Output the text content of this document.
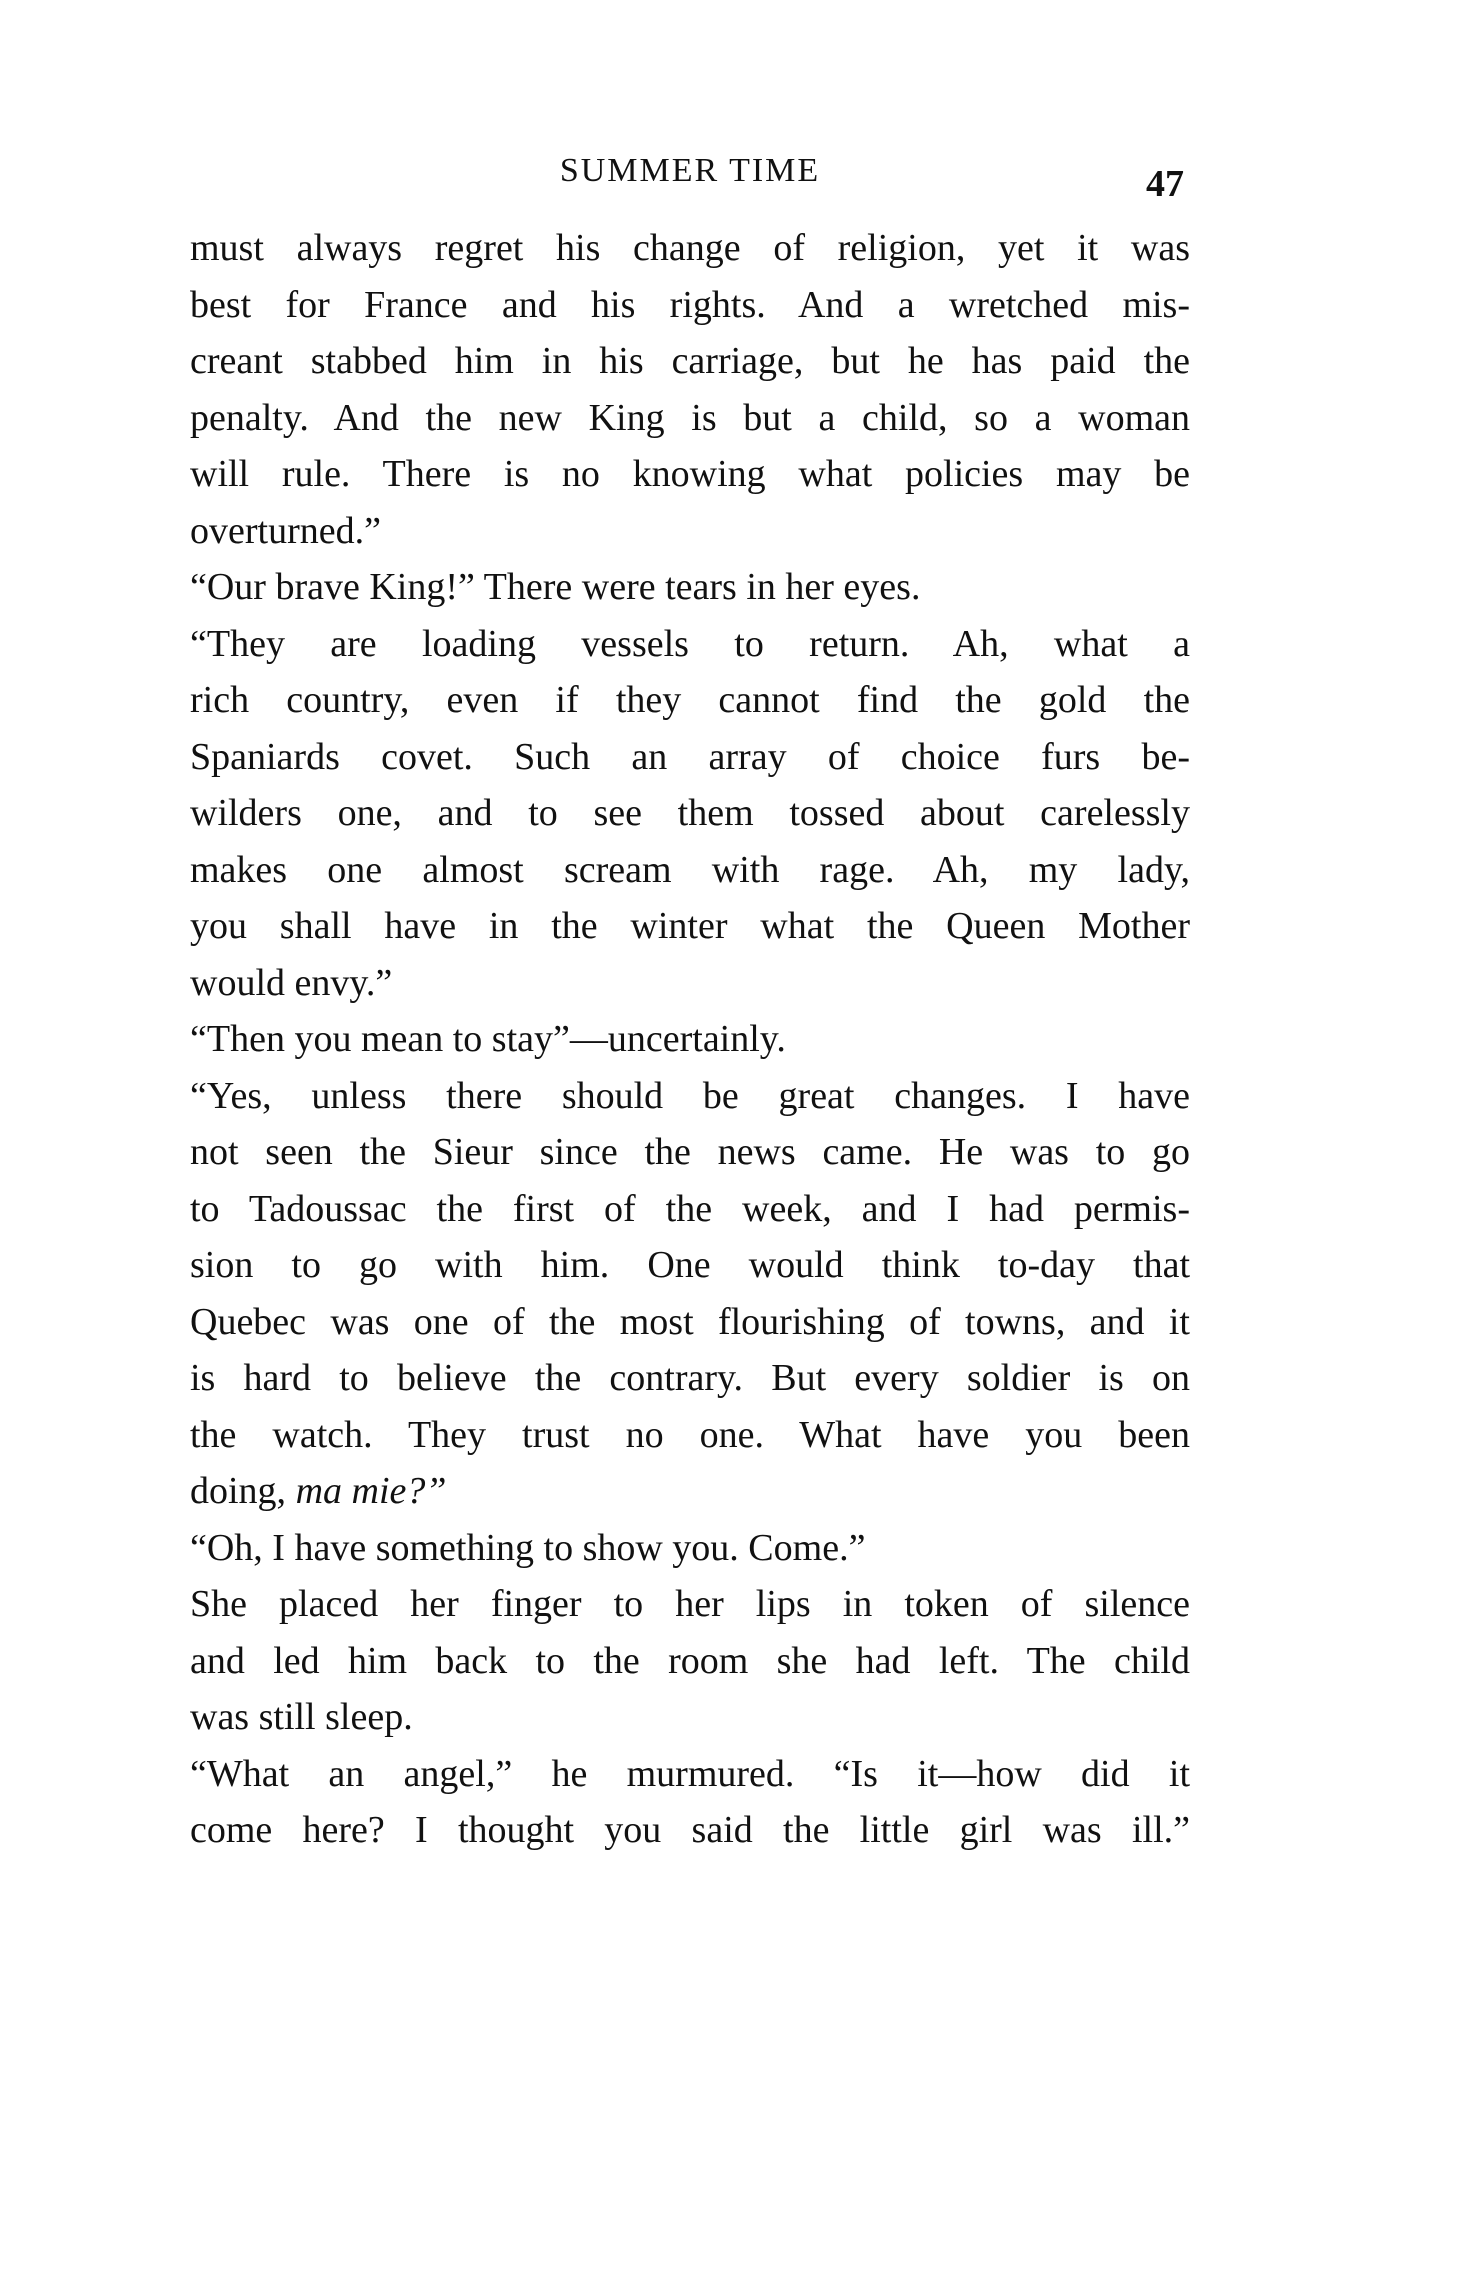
SUMMER TIME	47
must always regret his change of religion, yet it was
best for France and his rights. And a wretched mis-
creant stabbed him in his carriage, but he has paid the
penalty. And the new King is but a child, so a woman
will rule. There is no knowing what policies may be
overturned.”
“Our brave King!” There were tears in her eyes.
“They are loading vessels to return. Ah, what a
rich country, even if they cannot find the gold the
Spaniards covet. Such an array of choice furs be-
wilders one, and to see them tossed about carelessly
makes one almost scream with rage. Ah, my lady,
you shall have in the winter what the Queen Mother
would envy.”
“Then you mean to stay”—uncertainly.
“Yes, unless there should be great changes. I have
not seen the Sieur since the news came. He was to go
to Tadoussac the first of the week, and I had permis-
sion to go with him. One would think to-day that
Quebec was one of the most flourishing of towns, and it
is hard to believe the contrary. But every soldier is on
the watch. They trust no one. What have you been
doing, ma mie?”
“Oh, I have something to show you. Come.”
She placed her finger to her lips in token of silence
and led him back to the room she had left. The child
was still sleep.
“What an angel,” he murmured. “Is it—how did it
come here? I thought you said the little girl was ill.”
